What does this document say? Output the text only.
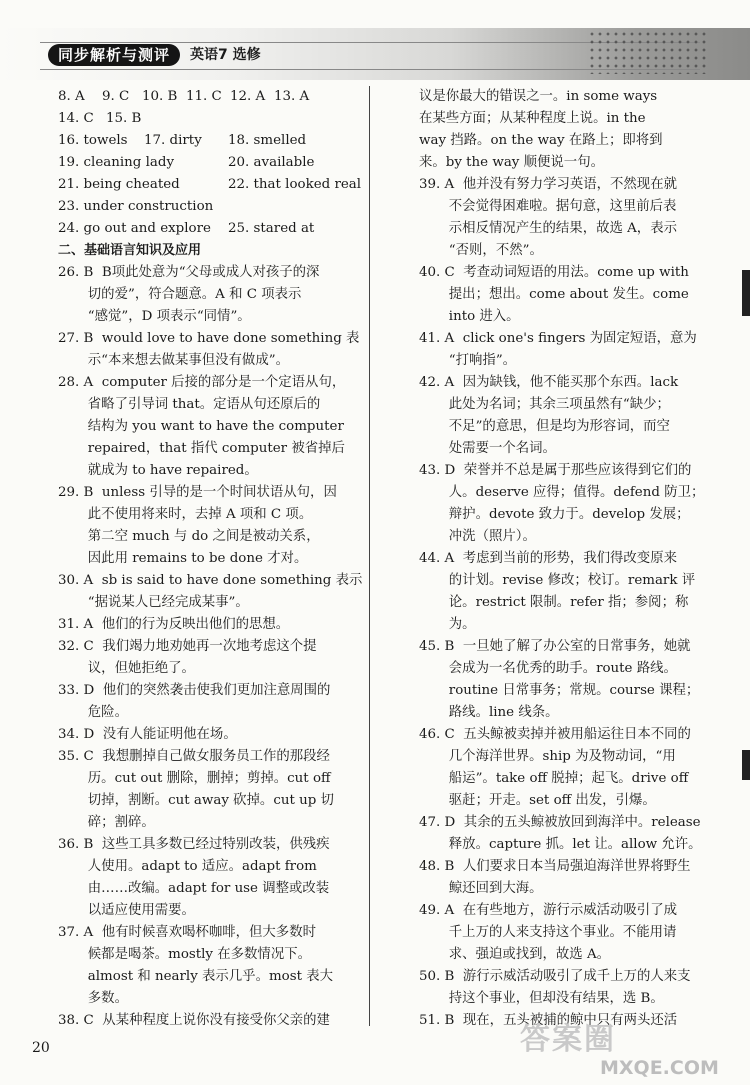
同步解析与测评	英语7 选修
8. A 9. C 10. B 11. C 12. A 13. A
14. C 15. B
16. towels 17. dirty 18. smelled
19. cleaning lady	20. available
21. being cheated	22. that looked real
23. under construction
24. go out and explore 25. stared at
二、基础语言知识及应用
26. B  B项此处意为“父母或成人对孩子的深
切的爱”，符合题意。A 和 C 项表示
“感觉”，D 项表示“同情”。
27. B  would love to have done something 表
示“本来想去做某事但没有做成”。
28. A  computer 后接的部分是一个定语从句，
省略了引导词 that。定语从句还原后的
结构为 you want to have the computer
repaired，that 指代 computer 被省掉后
就成为 to have repaired。
29. B  unless 引导的是一个时间状语从句，因
此不使用将来时，去掉 A 项和 C 项。
第二空 much 与 do 之间是被动关系，
因此用 remains to be done 才对。
30. A  sb is said to have done something 表示
“据说某人已经完成某事”。
31. A  他们的行为反映出他们的思想。
32. C  我们竭力地劝她再一次地考虑这个提
议，但她拒绝了。
33. D  他们的突然袭击使我们更加注意周围的
危险。
34. D  没有人能证明他在场。
35. C  我想删掉自己做女服务员工作的那段经
历。cut out 删除，删掉；剪掉。cut off
切掉，割断。cut away 砍掉。cut up 切
碎；割碎。
36. B  这些工具多数已经过特别改装，供残疾
人使用。adapt to 适应。adapt from
由……改编。adapt for use 调整或改装
以适应使用需要。
37. A  他有时候喜欢喝杯咖啡，但大多数时
候都是喝茶。mostly 在多数情况下。
almost 和 nearly 表示几乎。most 表大
多数。
38. C  从某种程度上说你没有接受你父亲的建
议是你最大的错误之一。in some ways
在某些方面；从某种程度上说。in the
way 挡路。on the way 在路上；即将到
来。by the way 顺便说一句。
39. A  他并没有努力学习英语，不然现在就
不会觉得困难啦。据句意，这里前后表
示相反情况产生的结果，故选 A，表示
“否则，不然”。
40. C  考查动词短语的用法。come up with
提出；想出。come about 发生。come
into 进入。
41. A  click one's fingers 为固定短语，意为
“打响指”。
42. A  因为缺钱，他不能买那个东西。lack
此处为名词；其余三项虽然有“缺少；
不足”的意思，但是均为形容词，而空
处需要一个名词。
43. D  荣誉并不总是属于那些应该得到它们的
人。deserve 应得；值得。defend 防卫；
辩护。devote 致力于。develop 发展；
冲洗（照片）。
44. A  考虑到当前的形势，我们得改变原来
的计划。revise 修改；校订。remark 评
论。restrict 限制。refer 指；参阅；称
为。
45. B  一旦她了解了办公室的日常事务，她就
会成为一名优秀的助手。route 路线。
routine 日常事务；常规。course 课程；
路线。line 线条。
46. C  五头鲸被卖掉并被用船运往日本不同的
几个海洋世界。ship 为及物动词，“用
船运”。take off 脱掉；起飞。drive off
驱赶；开走。set off 出发，引爆。
47. D  其余的五头鲸被放回到海洋中。release
释放。capture 抓。let 让。allow 允许。
48. B  人们要求日本当局强迫海洋世界将野生
鲸还回到大海。
49. A  在有些地方，游行示威活动吸引了成
千上万的人来支持这个事业。不能用请
求、强迫或找到，故选 A。
50. B  游行示威活动吸引了成千上万的人来支
持这个事业，但却没有结果，选 B。
51. B  现在，五头被捕的鲸中只有两头还活
20	答案圈
MXQE.COM
